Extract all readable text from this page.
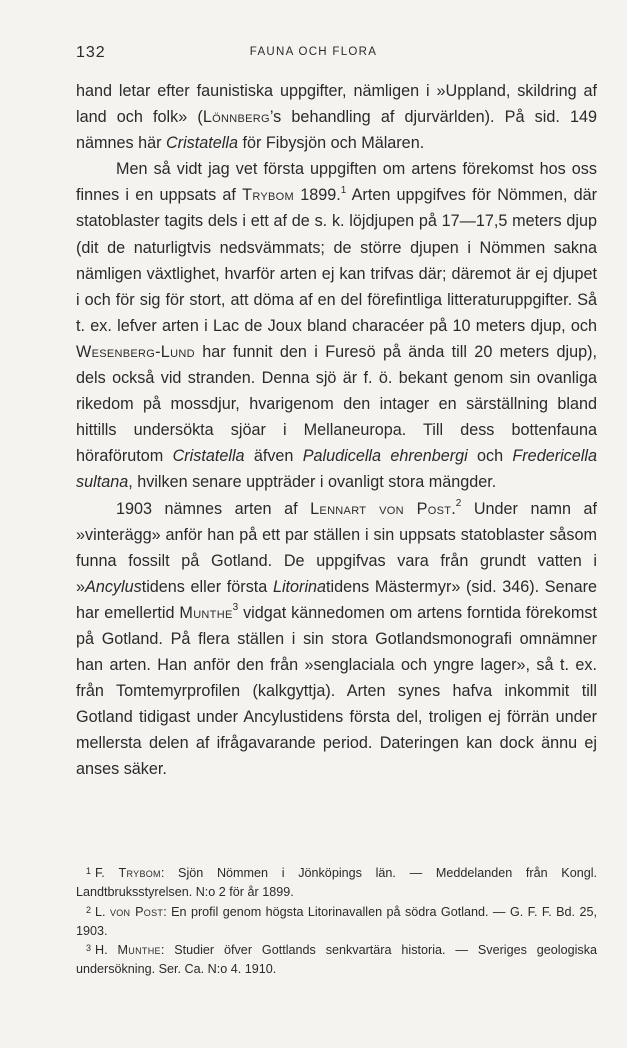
132	FAUNA OCH FLORA

hand letar efter faunistiska uppgifter, nämligen i »Uppland, skildring af land och folk» (Lönnberg’s behandling af djurvärlden). På sid. 149 nämnes här Cristatella för Fibysjön och Mälaren.

Men så vidt jag vet första uppgiften om artens förekomst hos oss finnes i en uppsats af Trybom 1899.$^1$ Arten uppgifves för Nömmen, där statoblaster tagits dels i ett af de s. k. löjdjupen på 17—17,5 meters djup (dit de naturligtvis nedsvämmats; de större djupen i Nömmen sakna nämligen växtlighet, hvarför arten ej kan trifvas där; däremot är ej djupet i och för sig för stort, att döma af en del förefintliga litteraturuppgifter. Så t. ex. lefver arten i Lac de Joux bland characéer på 10 meters djup, och Wesenberg-Lund har funnit den i Furesö på ända till 20 meters djup), dels också vid stranden. Denna sjö är f. ö. bekant genom sin ovanliga rikedom på mossdjur, hvarigenom den intager en särställning bland hittills undersökta sjöar i Mellaneuropa. Till dess bottenfauna höraförutom Cristatella äfven Paludicella ehrenbergi och Fredericella sultana, hvilken senare uppträder i ovanligt stora mängder.

1903 nämnes arten af Lennart von Post.$^2$ Under namn af »vinterägg» anför han på ett par ställen i sin uppsats statoblaster såsom funna fossilt på Gotland. De uppgifvas vara från grundt vatten i »Ancylustidens eller första Litorinatidens Mästermyr» (sid. 346). Senare har emellertid Munthe$^3$ vidgat kännedomen om artens forntida förekomst på Gotland. På flera ställen i sin stora Gotlandsmonografi omnämner han arten. Han anför den från »senglaciala och yngre lager», så t. ex. från Tomtemyrprofilen (kalkgyttja). Arten synes hafva inkommit till Gotland tidigast under Ancylustidens första del, troligen ej förrän under mellersta delen af ifrågavarande period. Dateringen kan dock ännu ej anses säker.

$^1$ F. Trybom: Sjön Nömmen i Jönköpings län. — Meddelanden från Kongl. Landtbruksstyrelsen. N:o 2 för år 1899.

$^2$ L. von Post: En profil genom högsta Litorinavallen på södra Gotland. — G. F. F. Bd. 25, 1903.

$^3$ H. Munthe: Studier öfver Gottlands senkvartära historia. — Sveriges geologiska undersökning. Ser. Ca. N:o 4. 1910.
